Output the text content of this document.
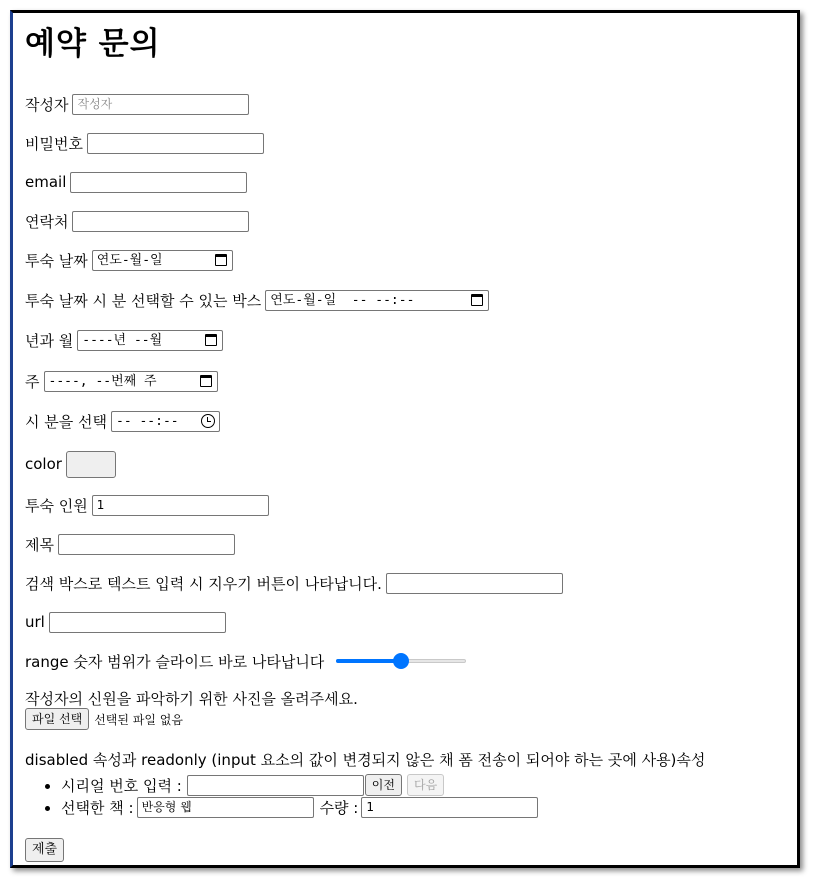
예약 문의
작성자 작성자
비밀번호
email
연락처
투숙 날짜 연도-월-일
투숙 날짜 시 분 선택할 수 있는 박스 연도-월-일  -- --:--
년과 월 ----년 --월
주 ----, --번째 주
시 분을 선택 -- --:--
color
투숙 인원 1
제목
검색 박스로 텍스트 입력 시 지우기 버튼이 나타납니다.
url
range 숫자 범위가 슬라이드 바로 나타납니다
작성자의 신원을 파악하기 위한 사진을 올려주세요.
파일 선택	선택된 파일 없음
disabled 속성과 readonly (input 요소의 값이 변경되지 않은 채 폼 전송이 되어야 하는 곳에 사용)속성
• 시리얼 번호 입력 :	이전	다음
• 선택한 책 : 반응형 웹	수량 : 1
제출
